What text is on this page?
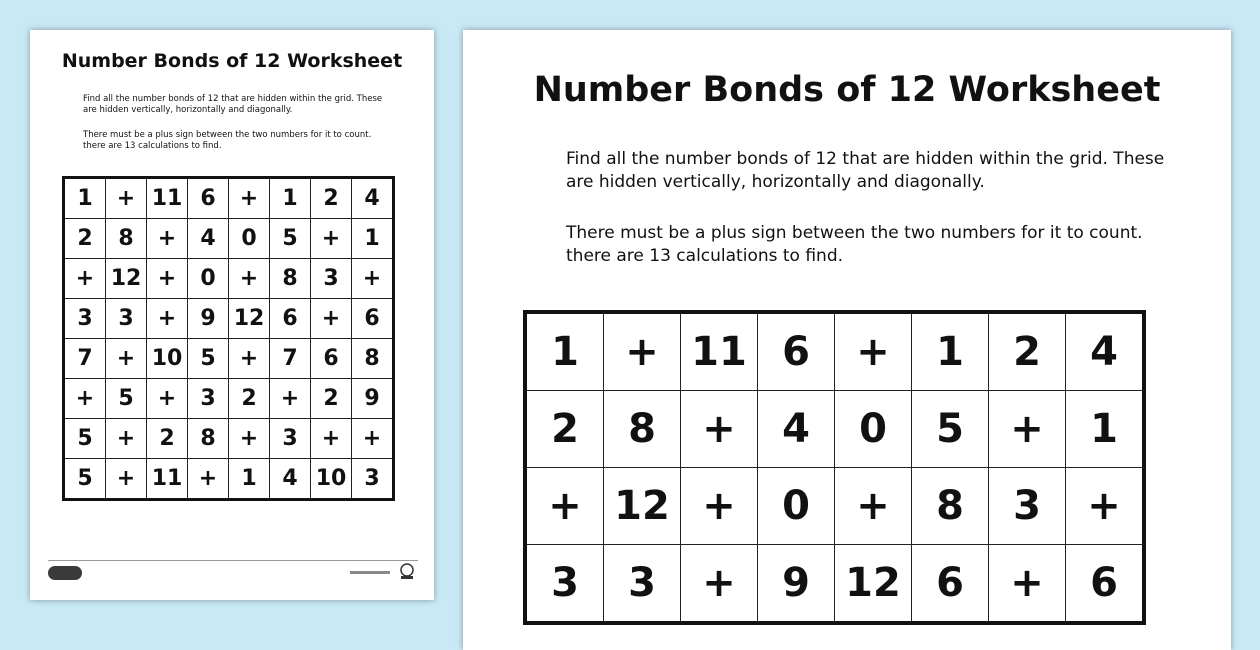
Number Bonds of 12 Worksheet

Find all the number bonds of 12 that are hidden within the grid. These are hidden vertically, horizontally and diagonally.

There must be a plus sign between the two numbers for it to count. there are 13 calculations to find.

1	+	11	6	+	1	2	4
2	8	+	4	0	5	+	1
+	12	+	0	+	8	3	+
3	3	+	9	12	6	+	6
7	+	10	5	+	7	6	8
+	5	+	3	2	+	2	9
5	+	2	8	+	3	+	+
5	+	11	+	1	4	10	3
Number Bonds of 12 Worksheet

Find all the number bonds of 12 that are hidden within the grid. These are hidden vertically, horizontally and diagonally.

There must be a plus sign between the two numbers for it to count. there are 13 calculations to find.

1	+	11	6	+	1	2	4
2	8	+	4	0	5	+	1
+	12	+	0	+	8	3	+
3	3	+	9	12	6	+	6
